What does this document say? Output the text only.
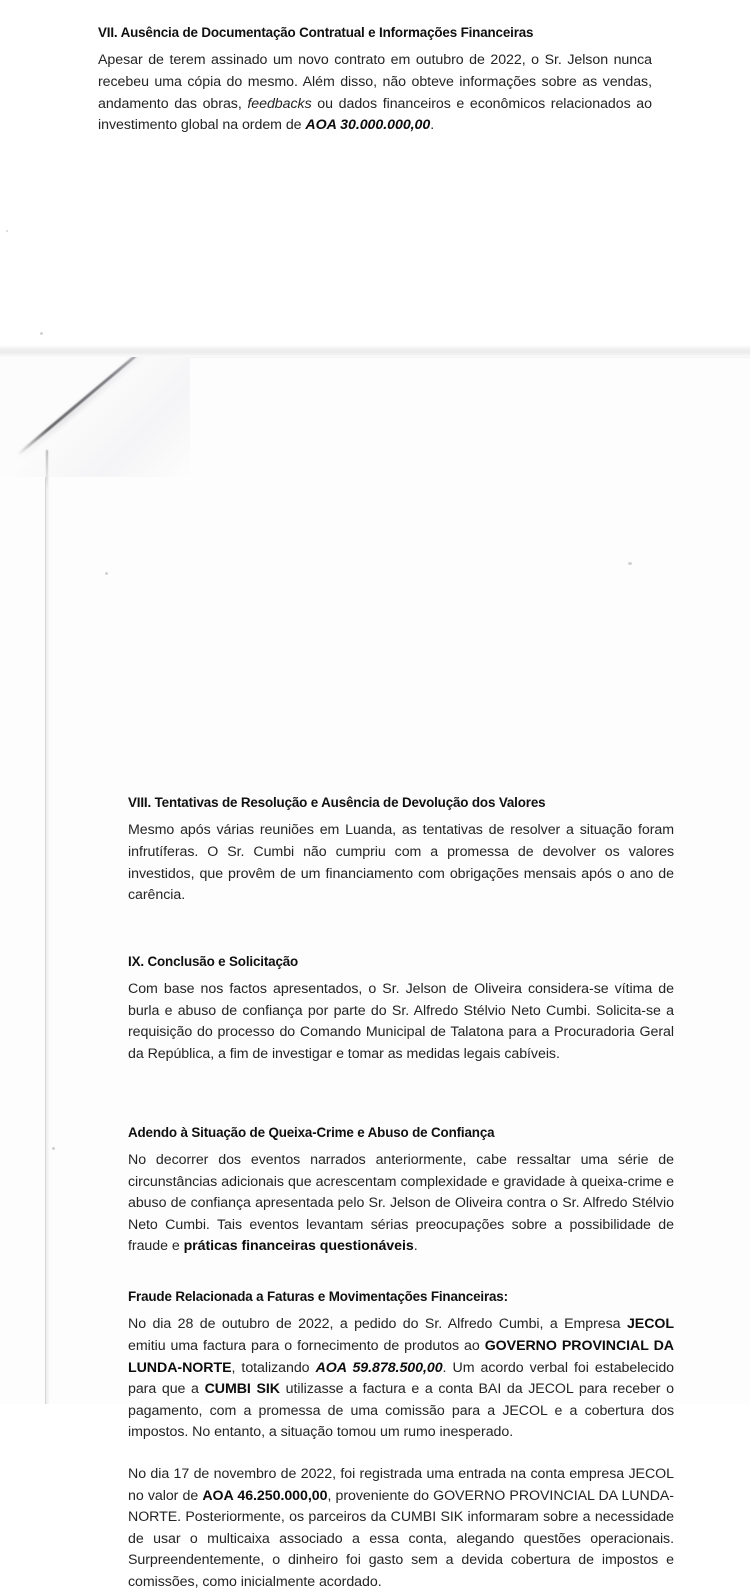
VII. Ausência de Documentação Contratual e Informações Financeiras

Apesar de terem assinado um novo contrato em outubro de 2022, o Sr. Jelson nunca recebeu uma cópia do mesmo. Além disso, não obteve informações sobre as vendas, andamento das obras, feedbacks ou dados financeiros e econômicos relacionados ao investimento global na ordem de AOA 30.000.000,00.

VIII. Tentativas de Resolução e Ausência de Devolução dos Valores

Mesmo após várias reuniões em Luanda, as tentativas de resolver a situação foram infrutíferas. O Sr. Cumbi não cumpriu com a promessa de devolver os valores investidos, que provêm de um financiamento com obrigações mensais após o ano de carência.

IX. Conclusão e Solicitação

Com base nos factos apresentados, o Sr. Jelson de Oliveira considera-se vítima de burla e abuso de confiança por parte do Sr. Alfredo Stélvio Neto Cumbi. Solicita-se a requisição do processo do Comando Municipal de Talatona para a Procuradoria Geral da República, a fim de investigar e tomar as medidas legais cabíveis.

Adendo à Situação de Queixa-Crime e Abuso de Confiança

No decorrer dos eventos narrados anteriormente, cabe ressaltar uma série de circunstâncias adicionais que acrescentam complexidade e gravidade à queixa-crime e abuso de confiança apresentada pelo Sr. Jelson de Oliveira contra o Sr. Alfredo Stélvio Neto Cumbi. Tais eventos levantam sérias preocupações sobre a possibilidade de fraude e práticas financeiras questionáveis.

Fraude Relacionada a Faturas e Movimentações Financeiras:

No dia 28 de outubro de 2022, a pedido do Sr. Alfredo Cumbi, a Empresa JECOL emitiu uma factura para o fornecimento de produtos ao GOVERNO PROVINCIAL DA LUNDA-NORTE, totalizando AOA 59.878.500,00. Um acordo verbal foi estabelecido para que a CUMBI SIK utilizasse a factura e a conta BAI da JECOL para receber o pagamento, com a promessa de uma comissão para a JECOL e a cobertura dos impostos. No entanto, a situação tomou um rumo inesperado.

No dia 17 de novembro de 2022, foi registrada uma entrada na conta empresa JECOL no valor de AOA 46.250.000,00, proveniente do GOVERNO PROVINCIAL DA LUNDA-NORTE. Posteriormente, os parceiros da CUMBI SIK informaram sobre a necessidade de usar o multicaixa associado a essa conta, alegando questões operacionais. Surpreendentemente, o dinheiro foi gasto sem a devida cobertura de impostos e comissões, como inicialmente acordado.
